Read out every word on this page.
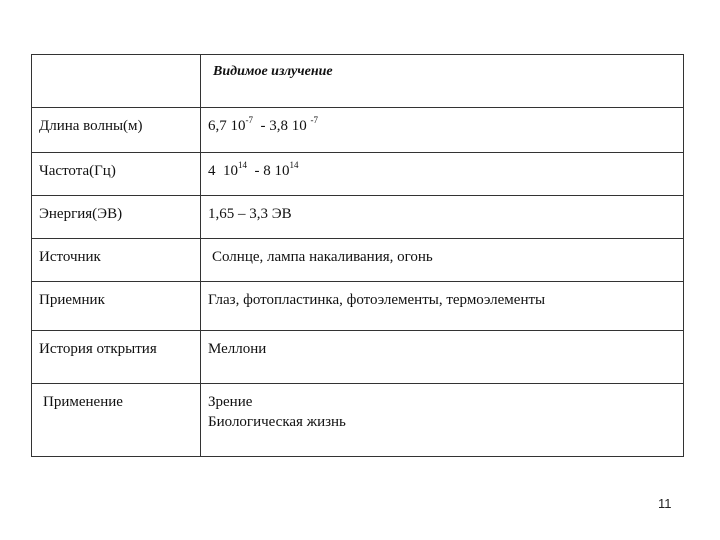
	Видимое излучение

Длина волны(м)	6,7 $10^{-7} - 3,8$ 10 $^{-7}$

Частота(Гц)	4  $10^{14} - 8$ $10^{14}$

Энергия(ЭВ)	1,65 – 3,3 ЭВ

Источник	Солнце, лампа накаливания, огонь

Приемник	Глаз, фотопластинка, фотоэлементы, термоэлементы

История открытия	Меллони

Применение	Зрение
Биологическая жизнь
11
